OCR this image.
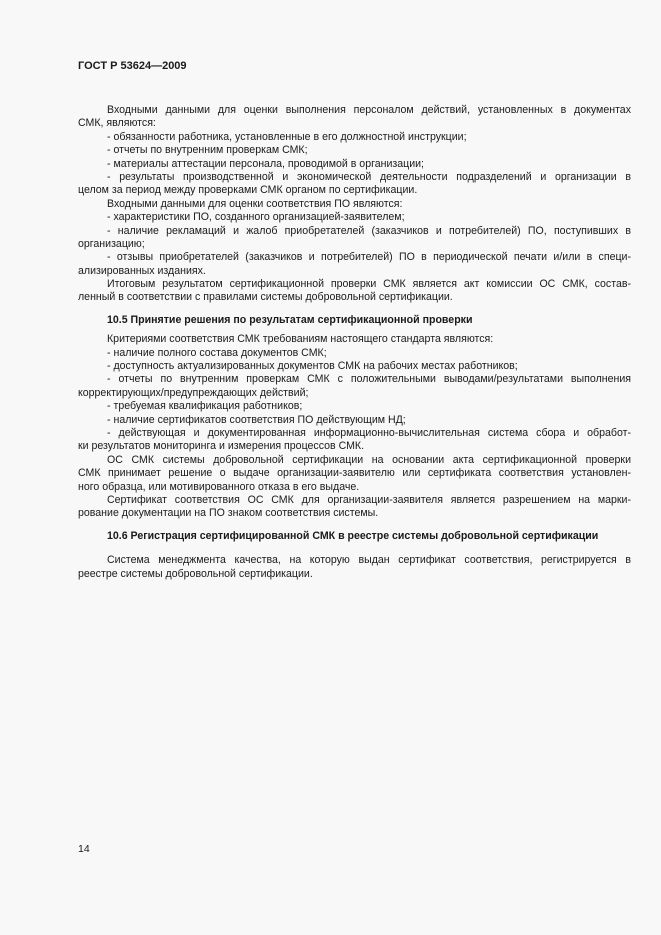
ГОСТ Р 53624—2009
Входными данными для оценки выполнения персоналом действий, установленных в документах
СМК, являются:
- обязанности работника, установленные в его должностной инструкции;
- отчеты по внутренним проверкам СМК;
- материалы аттестации персонала, проводимой в организации;
- результаты производственной и экономической деятельности подразделений и организации в
целом за период между проверками СМК органом по сертификации.
Входными данными для оценки соответствия ПО являются:
- характеристики ПО, созданного организацией-заявителем;
- наличие рекламаций и жалоб приобретателей (заказчиков и потребителей) ПО, поступивших в
организацию;
- отзывы приобретателей (заказчиков и потребителей) ПО в периодической печати и/или в специ-
ализированных изданиях.
Итоговым результатом сертификационной проверки СМК является акт комиссии ОС СМК, состав-
ленный в соответствии с правилами системы добровольной сертификации.
10.5 Принятие решения по результатам сертификационной проверки
Критериями соответствия СМК требованиям настоящего стандарта являются:
- наличие полного состава документов СМК;
- доступность актуализированных документов СМК на рабочих местах работников;
- отчеты по внутренним проверкам СМК с положительными выводами/результатами выполнения
корректирующих/предупреждающих действий;
- требуемая квалификация работников;
- наличие сертификатов соответствия ПО действующим НД;
- действующая и документированная информационно-вычислительная система сбора и обработ-
ки результатов мониторинга и измерения процессов СМК.
ОС СМК системы добровольной сертификации на основании акта сертификационной проверки
СМК принимает решение о выдаче организации-заявителю или сертификата соответствия установлен-
ного образца, или мотивированного отказа в его выдаче.
Сертификат соответствия ОС СМК для организации-заявителя является разрешением на марки-
рование документации на ПО знаком соответствия системы.
10.6 Регистрация сертифицированной СМК в реестре системы добровольной сертификации
Система менеджмента качества, на которую выдан сертификат соответствия, регистрируется в
реестре системы добровольной сертификации.
14
